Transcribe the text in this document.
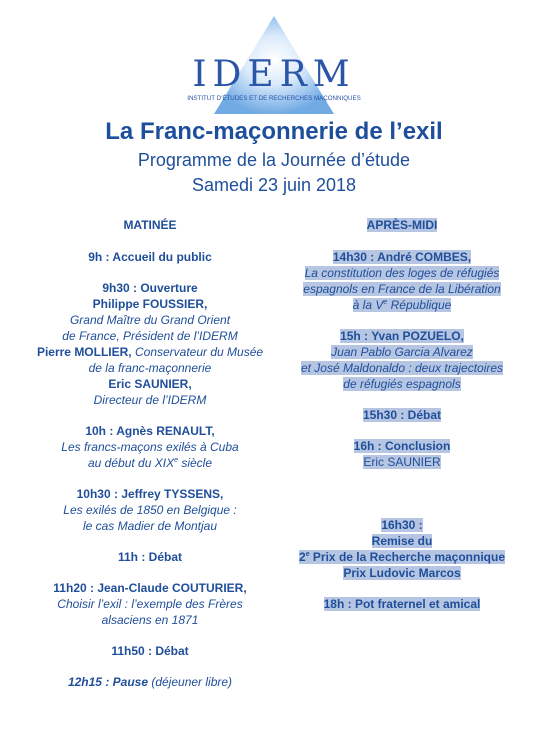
IDERM
INSTITUT D'ÉTUDES ET DE RECHERCHES MAÇONNIQUES
La Franc-maçonnerie de l’exil
Programme de la Journée d’étude
Samedi 23 juin 2018
MATINÉE
9h : Accueil du public
9h30 : Ouverture
Philippe FOUSSIER,
Grand Maître du Grand Orient
de France, Président de l’IDERM
Pierre MOLLIER, Conservateur du Musée
de la franc-maçonnerie
Eric SAUNIER,
Directeur de l’IDERM
10h : Agnès RENAULT,
Les francs-maçons exilés à Cuba
au début du XIXe siècle
10h30 : Jeffrey TYSSENS,
Les exilés de 1850 en Belgique :
le cas Madier de Montjau
11h : Débat
11h20 : Jean-Claude COUTURIER,
Choisir l’exil : l’exemple des Frères
alsaciens en 1871
11h50 : Débat
12h15 : Pause (déjeuner libre)
APRÈS-MIDI
14h30 : André COMBES,
La constitution des loges de réfugiés
espagnols en France de la Libération
à la Ve République
15h : Yvan POZUELO,
Juan Pablo Garcia Alvarez
et José Maldonaldo : deux trajectoires
de réfugiés espagnols
15h30 : Débat
16h : Conclusion
Eric SAUNIER
16h30 :
Remise du
2e Prix de la Recherche maçonnique
Prix Ludovic Marcos
18h : Pot fraternel et amical
